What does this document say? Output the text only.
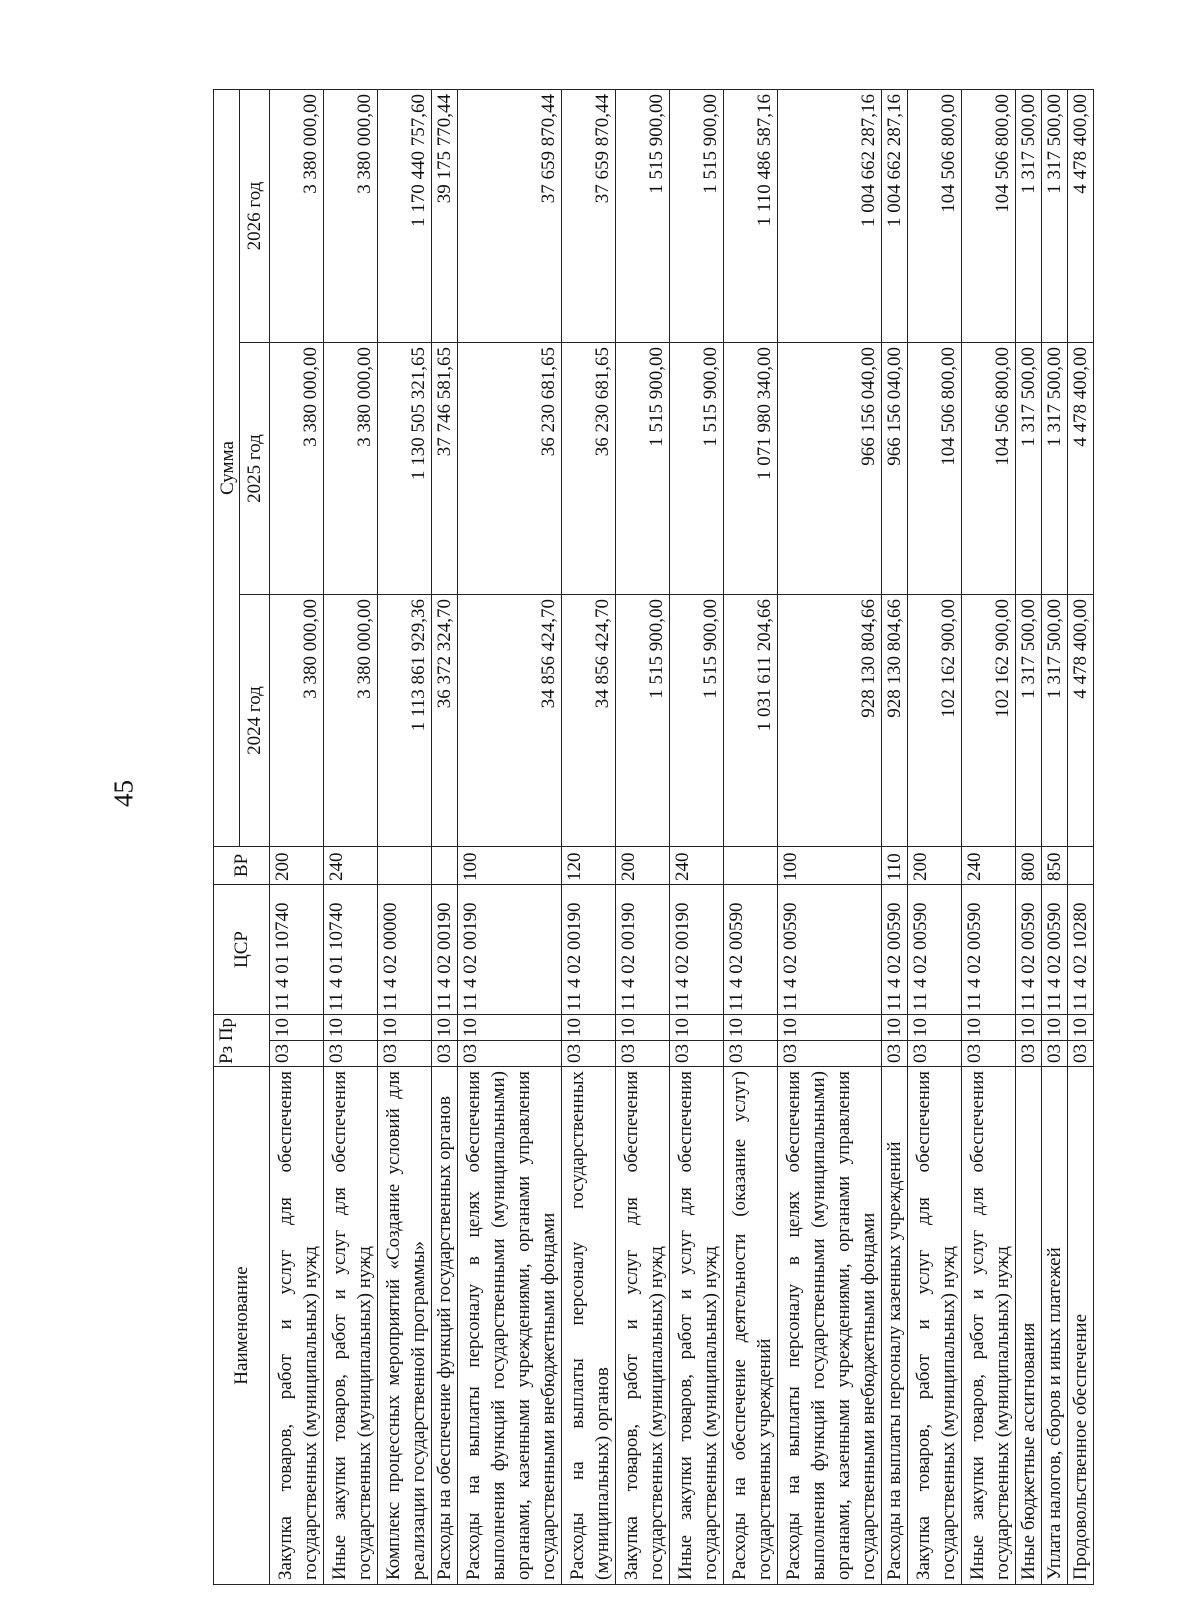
45
Наименование	Рз Пр		ЦСР	ВР	Сумма		
					2024 год	2025 год	2026 год
Закупка товаров, работ и услуг для обеспечения государственных (муниципальных) нужд	03	10	11 4 01 10740	200	3 380 000,00	3 380 000,00	3 380 000,00
Иные закупки товаров, работ и услуг для обеспечения государственных (муниципальных) нужд	03	10	11 4 01 10740	240	3 380 000,00	3 380 000,00	3 380 000,00
Комплекс процессных мероприятий «Создание условий для реализации государственной программы»	03	10	11 4 02 00000		1 113 861 929,36	1 130 505 321,65	1 170 440 757,60
Расходы на обеспечение функций государственных органов	03	10	11 4 02 00190		36 372 324,70	37 746 581,65	39 175 770,44
Расходы на выплаты персоналу в целях обеспечения выполнения функций государственными (муниципальными) органами, казенными учреждениями, органами управления государственными внебюджетными фондами	03	10	11 4 02 00190	100	34 856 424,70	36 230 681,65	37 659 870,44
Расходы на выплаты персоналу государственных (муниципальных) органов	03	10	11 4 02 00190	120	34 856 424,70	36 230 681,65	37 659 870,44
Закупка товаров, работ и услуг для обеспечения государственных (муниципальных) нужд	03	10	11 4 02 00190	200	1 515 900,00	1 515 900,00	1 515 900,00
Иные закупки товаров, работ и услуг для обеспечения государственных (муниципальных) нужд	03	10	11 4 02 00190	240	1 515 900,00	1 515 900,00	1 515 900,00
Расходы на обеспечение деятельности (оказание услуг) государственных учреждений	03	10	11 4 02 00590		1 031 611 204,66	1 071 980 340,00	1 110 486 587,16
Расходы на выплаты персоналу в целях обеспечения выполнения функций государственными (муниципальными) органами, казенными учреждениями, органами управления государственными внебюджетными фондами	03	10	11 4 02 00590	100	928 130 804,66	966 156 040,00	1 004 662 287,16
Расходы на выплаты персоналу казенных учреждений	03	10	11 4 02 00590	110	928 130 804,66	966 156 040,00	1 004 662 287,16
Закупка товаров, работ и услуг для обеспечения государственных (муниципальных) нужд	03	10	11 4 02 00590	200	102 162 900,00	104 506 800,00	104 506 800,00
Иные закупки товаров, работ и услуг для обеспечения государственных (муниципальных) нужд	03	10	11 4 02 00590	240	102 162 900,00	104 506 800,00	104 506 800,00
Иные бюджетные ассигнования	03	10	11 4 02 00590	800	1 317 500,00	1 317 500,00	1 317 500,00
Уплата налогов, сборов и иных платежей	03	10	11 4 02 00590	850	1 317 500,00	1 317 500,00	1 317 500,00
Продовольственное обеспечение	03	10	11 4 02 10280		4 478 400,00	4 478 400,00	4 478 400,00
